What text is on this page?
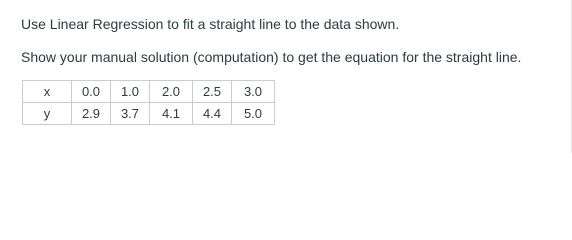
Use Linear Regression to fit a straight line to the data shown.
Show your manual solution (computation) to get the equation for the straight line.
x	0.0	1.0	2.0	2.5	3.0
y	2.9	3.7	4.1	4.4	5.0
